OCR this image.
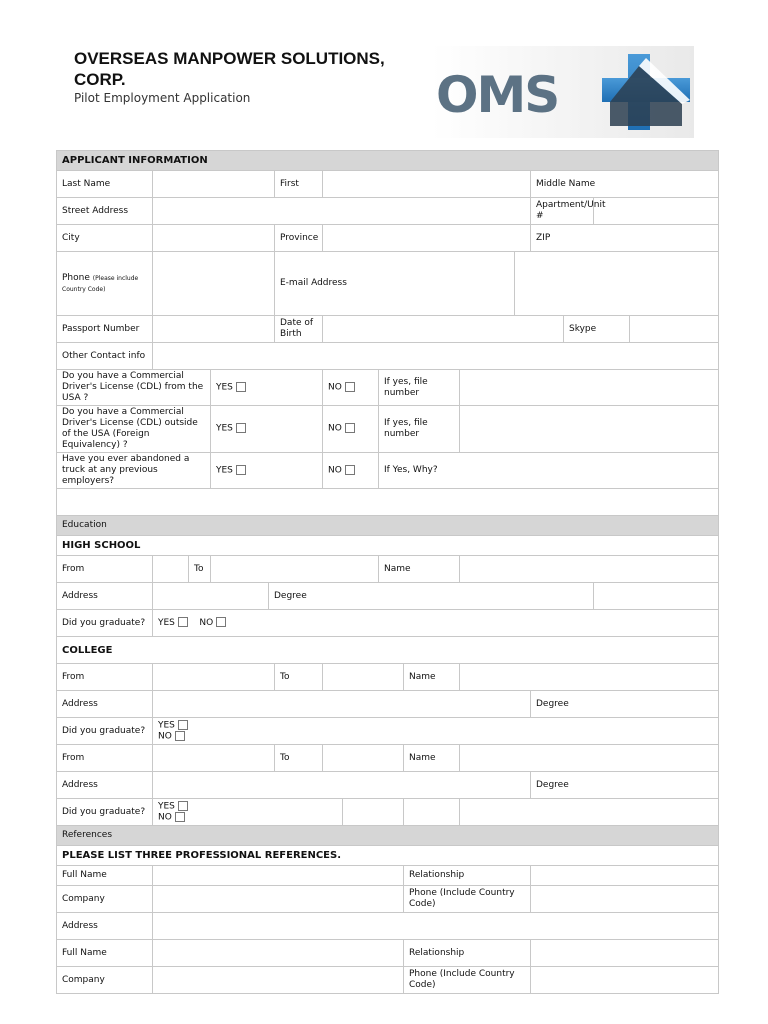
OVERSEAS MANPOWER SOLUTIONS, CORP.
Pilot Employment Application	OMS
APPLICANT INFORMATION															
Last Name					First							Middle Name			
Street Address												Apartment/Unit #			
City					Province							ZIP			
Phone (Please include Country Code)					E-mail Address										
Passport Number					Date of Birth								Skype		
Other Contact info															
Do you have a Commercial Driver's License (CDL) from the USA ?			YES			NO		If yes, file number							
Do you have a Commercial Driver's License (CDL) outside of the USA (Foreign Equivalency) ?			YES			NO		If yes, file number							
Have you ever abandoned a truck at any previous employers?			YES			NO		If Yes, Why?							

Education															
HIGH SCHOOL															
From		To						Name							
Address				Degree											
Did you graduate?	YES NO														
COLLEGE															
From					To				Name						
Address												Degree			
Did you graduate?	YES
NO														

From					To				Name						
Address												Degree			
Did you graduate?	YES
NO														

References															
PLEASE LIST THREE PROFESSIONAL REFERENCES.															
Full Name									Relationship						
Company									Phone (Include Country Code)						
Address															
Full Name									Relationship						
Company									Phone (Include Country Code)						
